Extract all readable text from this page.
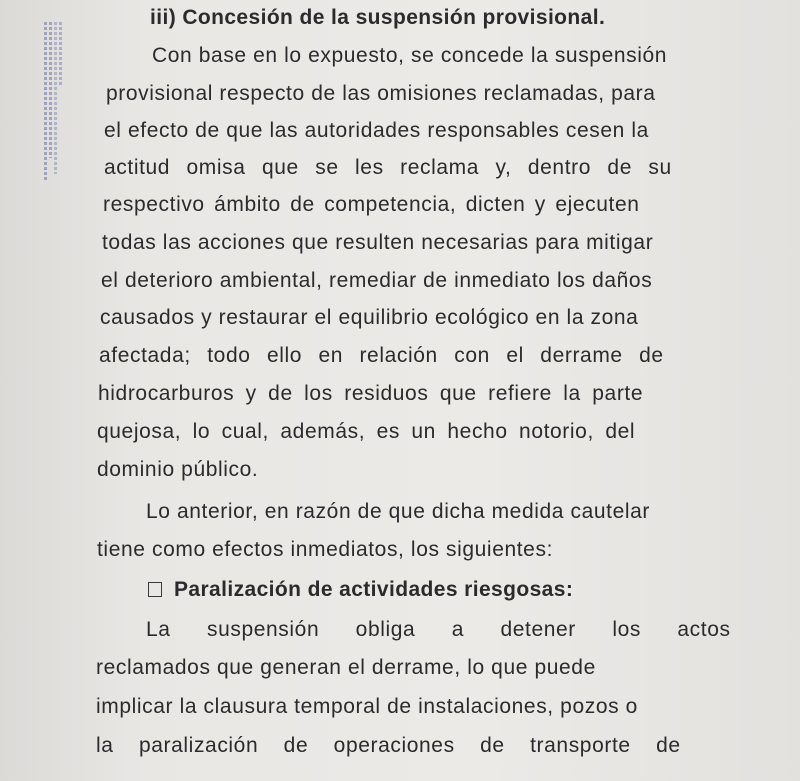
iii) Concesión de la suspensión provisional.
Con base en lo expuesto, se concede la suspensión
provisional respecto de las omisiones reclamadas, para
el efecto de que las autoridades responsables cesen la
actitud omisa que se les reclama y, dentro de su
respectivo ámbito de competencia, dicten y ejecuten
todas las acciones que resulten necesarias para mitigar
el deterioro ambiental, remediar de inmediato los daños
causados y restaurar el equilibrio ecológico en la zona
afectada; todo ello en relación con el derrame de
hidrocarburos y de los residuos que refiere la parte
quejosa, lo cual, además, es un hecho notorio, del
dominio público.
Lo anterior, en razón de que dicha medida cautelar
tiene como efectos inmediatos, los siguientes:
Paralización de actividades riesgosas:
La suspensión obliga a detener los actos
reclamados que generan el derrame, lo que puede
implicar la clausura temporal de instalaciones, pozos o
la paralización de operaciones de transporte de
